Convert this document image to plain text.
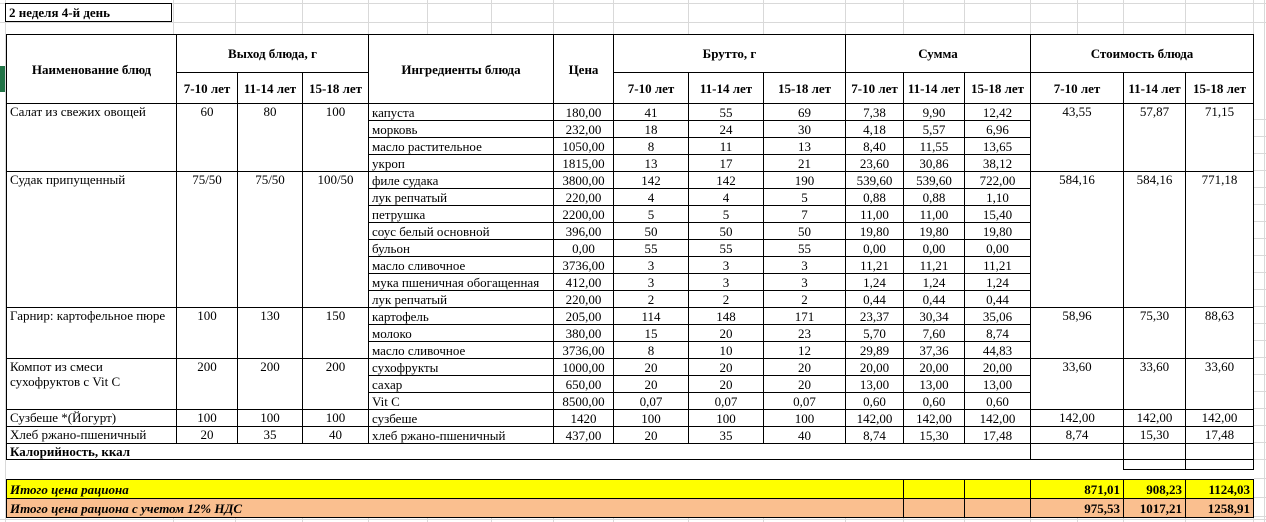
2 неделя 4-й день
Наименование блюд	Выход блюда, г			Ингредиенты блюда	Цена	Брутто, г			Сумма			Стоимость блюда		
	7-10 лет	11-14 лет	15-18 лет			7-10 лет	11-14 лет	15-18 лет	7-10 лет	11-14 лет	15-18 лет	7-10 лет	11-14 лет	15-18 лет
Салат из свежих овощей	60	80	100	капуста	180,00	41	55	69	7,38	9,90	12,42	43,55	57,87	71,15
				морковь	232,00	18	24	30	4,18	5,57	6,96			
				масло растительное	1050,00	8	11	13	8,40	11,55	13,65			
				укроп	1815,00	13	17	21	23,60	30,86	38,12			
Судак припущенный	75/50	75/50	100/50	филе судака	3800,00	142	142	190	539,60	539,60	722,00	584,16	584,16	771,18
				лук репчатый	220,00	4	4	5	0,88	0,88	1,10			
				петрушка	2200,00	5	5	7	11,00	11,00	15,40			
				соус белый основной	396,00	50	50	50	19,80	19,80	19,80			
				бульон	0,00	55	55	55	0,00	0,00	0,00			
				масло сливочное	3736,00	3	3	3	11,21	11,21	11,21			
				мука пшеничная обогащенная	412,00	3	3	3	1,24	1,24	1,24			
				лук репчатый	220,00	2	2	2	0,44	0,44	0,44			
Гарнир: картофельное пюре	100	130	150	картофель	205,00	114	148	171	23,37	30,34	35,06	58,96	75,30	88,63
				молоко	380,00	15	20	23	5,70	7,60	8,74			
				масло сливочное	3736,00	8	10	12	29,89	37,36	44,83			
Компот из смеси сухофруктов с Vit C	200	200	200	сухофрукты	1000,00	20	20	20	20,00	20,00	20,00	33,60	33,60	33,60
				сахар	650,00	20	20	20	13,00	13,00	13,00			
				Vit C	8500,00	0,07	0,07	0,07	0,60	0,60	0,60			
Сузбеше *(Йогурт)	100	100	100	сузбеше	1420	100	100	100	142,00	142,00	142,00	142,00	142,00	142,00
Хлеб ржано-пшеничный	20	35	40	хлеб ржано-пшеничный	437,00	20	35	40	8,74	15,30	17,48	8,74	15,30	17,48
Калорийность, ккал														

Итого цена рациона												871,01	908,23	1124,03
Итого цена рациона с учетом 12% НДС												975,53	1017,21	1258,91
